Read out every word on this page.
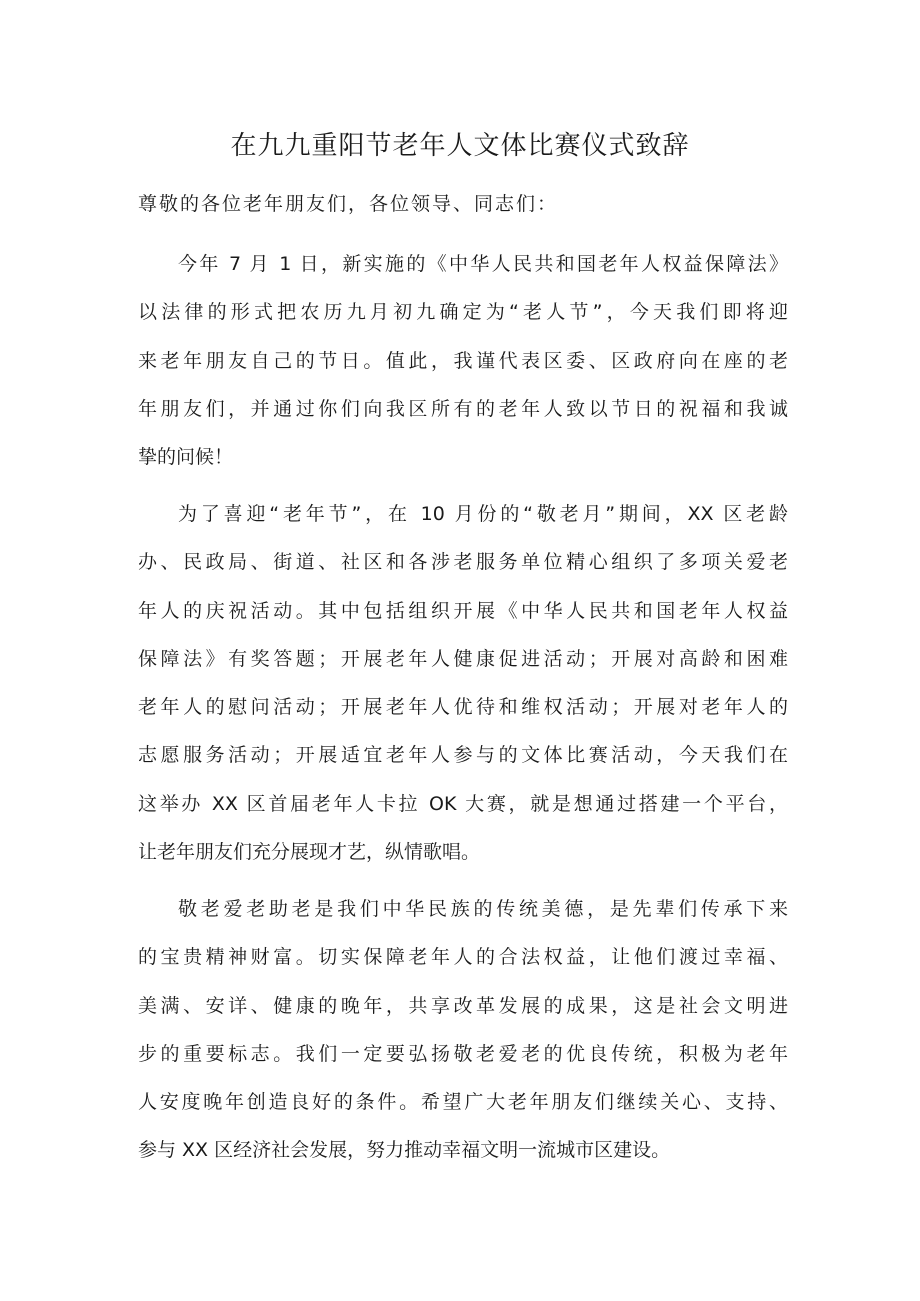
在九九重阳节老年人文体比赛仪式致辞

尊敬的各位老年朋友们，各位领导、同志们：

今年 7 月 1 日，新实施的《中华人民共和国老年人权益保障法》
以法律的形式把农历九月初九确定为“老人节”，今天我们即将迎
来老年朋友自己的节日。值此，我谨代表区委、区政府向在座的老
年朋友们，并通过你们向我区所有的老年人致以节日的祝福和我诚
挚的问候！
为了喜迎“老年节”，在 10 月份的“敬老月”期间，XX 区老龄
办、民政局、街道、社区和各涉老服务单位精心组织了多项关爱老
年人的庆祝活动。其中包括组织开展《中华人民共和国老年人权益
保障法》有奖答题；开展老年人健康促进活动；开展对高龄和困难
老年人的慰问活动；开展老年人优待和维权活动；开展对老年人的
志愿服务活动；开展适宜老年人参与的文体比赛活动，今天我们在
这举办 XX 区首届老年人卡拉 OK 大赛，就是想通过搭建一个平台，
让老年朋友们充分展现才艺，纵情歌唱。
敬老爱老助老是我们中华民族的传统美德，是先辈们传承下来
的宝贵精神财富。切实保障老年人的合法权益，让他们渡过幸福、
美满、安详、健康的晚年，共享改革发展的成果，这是社会文明进
步的重要标志。我们一定要弘扬敬老爱老的优良传统，积极为老年
人安度晚年创造良好的条件。希望广大老年朋友们继续关心、支持、
参与 XX 区经济社会发展，努力推动幸福文明一流城市区建设。
